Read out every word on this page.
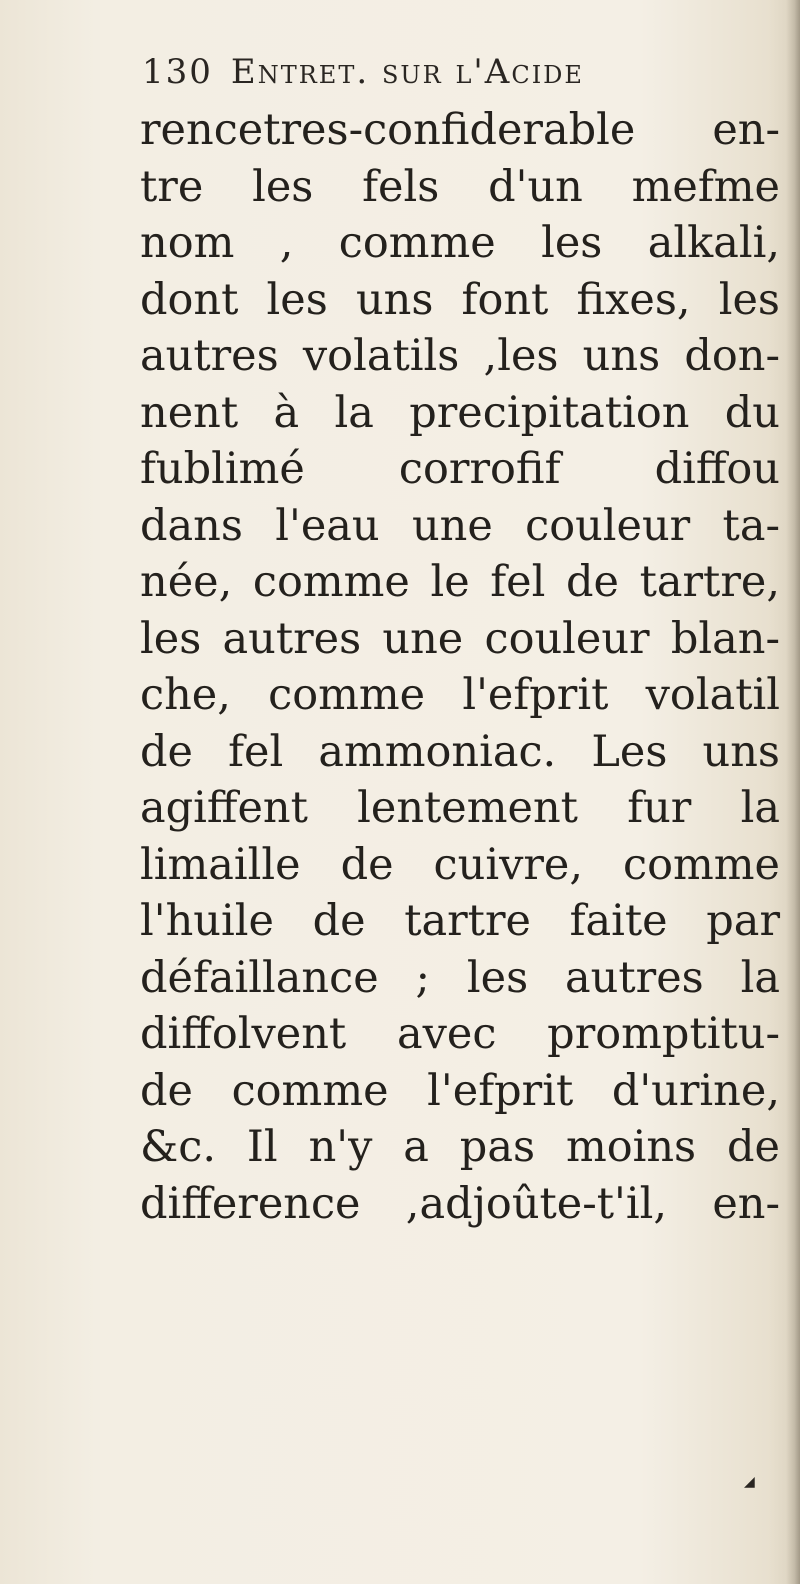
130 Entret. sur l'Acide
rencetres-confiderable en-
tre les fels d'un mefme
nom , comme les alkali,
dont les uns font fixes, les
autres volatils ,les uns don-
nent à la precipitation du
fublimé corrofif diffou
dans l'eau une couleur ta-
née, comme le fel de tartre,
les autres une couleur blan-
che, comme l'efprit volatil
de fel ammoniac. Les uns
agiffent lentement fur la
limaille de cuivre, comme
l'huile de tartre faite par
défaillance ; les autres la
diffolvent avec promptitu-
de comme l'efprit d'urine,
&c. Il n'y a pas moins de
difference ,adjoûte-t'il, en-
◢
